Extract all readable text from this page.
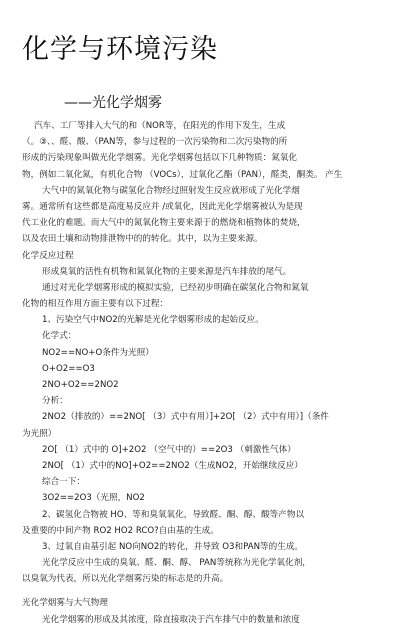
化学与环境污染
——光化学烟雾
汽车、工厂等排入大气的和（NOR等，在阳光的作用下发生，生成
（。③、、醛、酸、（PAN等，参与过程的一次污染物和二次污染物的所
形成的污染现象叫做光化学烟雾。光化学烟雾包括以下几种物质：氮氧化
物，例如二氧化氮，有机化合物 （VOCs），过氧化乙酯（PAN），醛类，酮类。 产生
大气中的氮氧化物与碳氢化合物经过照射发生反应就形成了光化学烟
雾。通常所有这些都是高度易反应并 /或氧化，因此光化学烟雾被认为是现
代工业化的难题。而大气中的氮氧化物主要来源于的燃烧和植物体的焚烧，
以及农田土壤和动物排泄物中的的转化。其中，以为主要来源。
化学反应过程
形成臭氧的活性有机物和氮氧化物的主要来源是汽车排放的尾气。
通过对光化学烟雾形成的模拟实验，已经初步明确在碳氢化合物和氮氧
化物的相互作用方面主要有以下过程：
1、污染空气中NO2的光解是光化学烟雾形成的起始反应。
化学式：
NO2==NO+O条件为光照）
O+O2==O3
2NO+O2==2NO2
分析：
2NO2（排放的）==2NO[ （3）式中有用）]+2O[ （2）式中有用）]（条件
为光照）
2O[ （1）式中的 O]+2O2 （空气中的）==2O3 （刺激性气体）
2NO[ （1）式中的NO]+O2==2NO2（生成NO2，开始继续反应）
综合一下：
3O2==2O3（光照，NO2
2、碳氢化合物被 HO、等和臭氧氧化，导致醛、酮、醇、酸等产物以
及重要的中间产物 RO2 HO2 RCO?自由基的生成。
3、过氧自由基引起 NO向NO2的转化，并导致 O3和PAN等的生成。
光化学反应中生成的臭氧、醛、酮、醇、 PAN等统称为光化学氧化剂，
以臭氧为代表，所以光化学烟雾污染的标志是的升高。
光化学烟雾与大气物理
光化学烟雾的形成及其浓度，除直接取决于汽车排气中的数量和浓度
